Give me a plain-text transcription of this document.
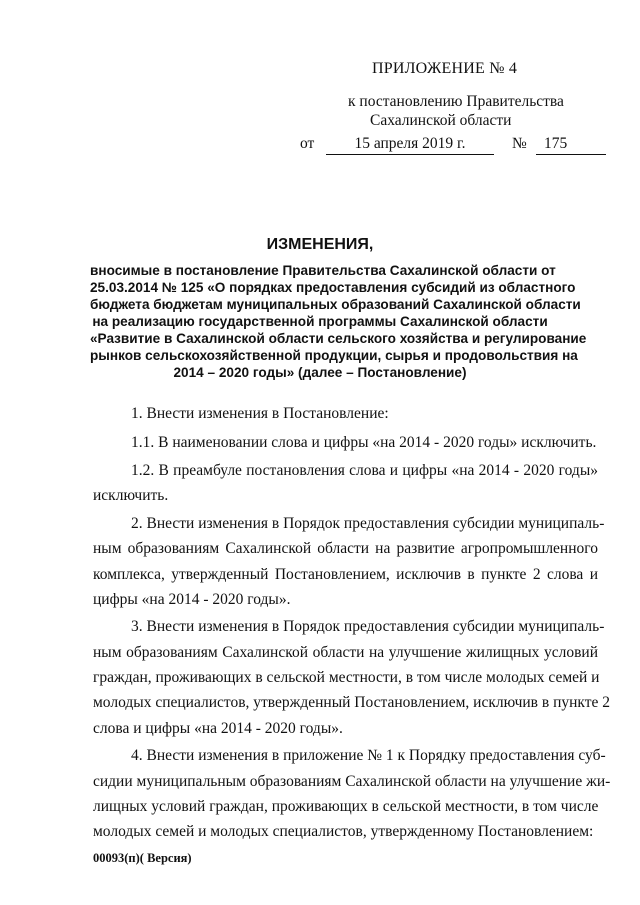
ПРИЛОЖЕНИЕ № 4
к постановлению Правительства
Сахалинской области
от	15 апреля 2019 г.	№	175
ИЗМЕНЕНИЯ,
вносимые в постановление Правительства Сахалинской области от
25.03.2014 № 125 «О порядках предоставления субсидий из областного
бюджета бюджетам муниципальных образований Сахалинской области
на реализацию государственной программы Сахалинской области
«Развитие в Сахалинской области сельского хозяйства и регулирование
рынков сельскохозяйственной продукции, сырья и продовольствия на
2014 – 2020 годы» (далее – Постановление)
1. Внести изменения в Постановление:
1.1. В наименовании слова и цифры «на 2014 - 2020 годы» исключить.
1.2. В преамбуле постановления слова и цифры «на 2014 - 2020 годы»
исключить.
2. Внести изменения в Порядок предоставления субсидии муниципаль-
ным образованиям Сахалинской области на развитие агропромышленного
комплекса, утвержденный Постановлением, исключив в пункте 2 слова и
цифры «на 2014 - 2020 годы».
3. Внести изменения в Порядок предоставления субсидии муниципаль-
ным образованиям Сахалинской области на улучшение жилищных условий
граждан, проживающих в сельской местности, в том числе молодых семей и
молодых специалистов, утвержденный Постановлением, исключив в пункте 2
слова и цифры «на 2014 - 2020 годы».
4. Внести изменения в приложение № 1 к Порядку предоставления суб-
сидии муниципальным образованиям Сахалинской области на улучшение жи-
лищных условий граждан, проживающих в сельской местности, в том числе
молодых семей и молодых специалистов, утвержденному Постановлением:
00093(п)( Версия)
